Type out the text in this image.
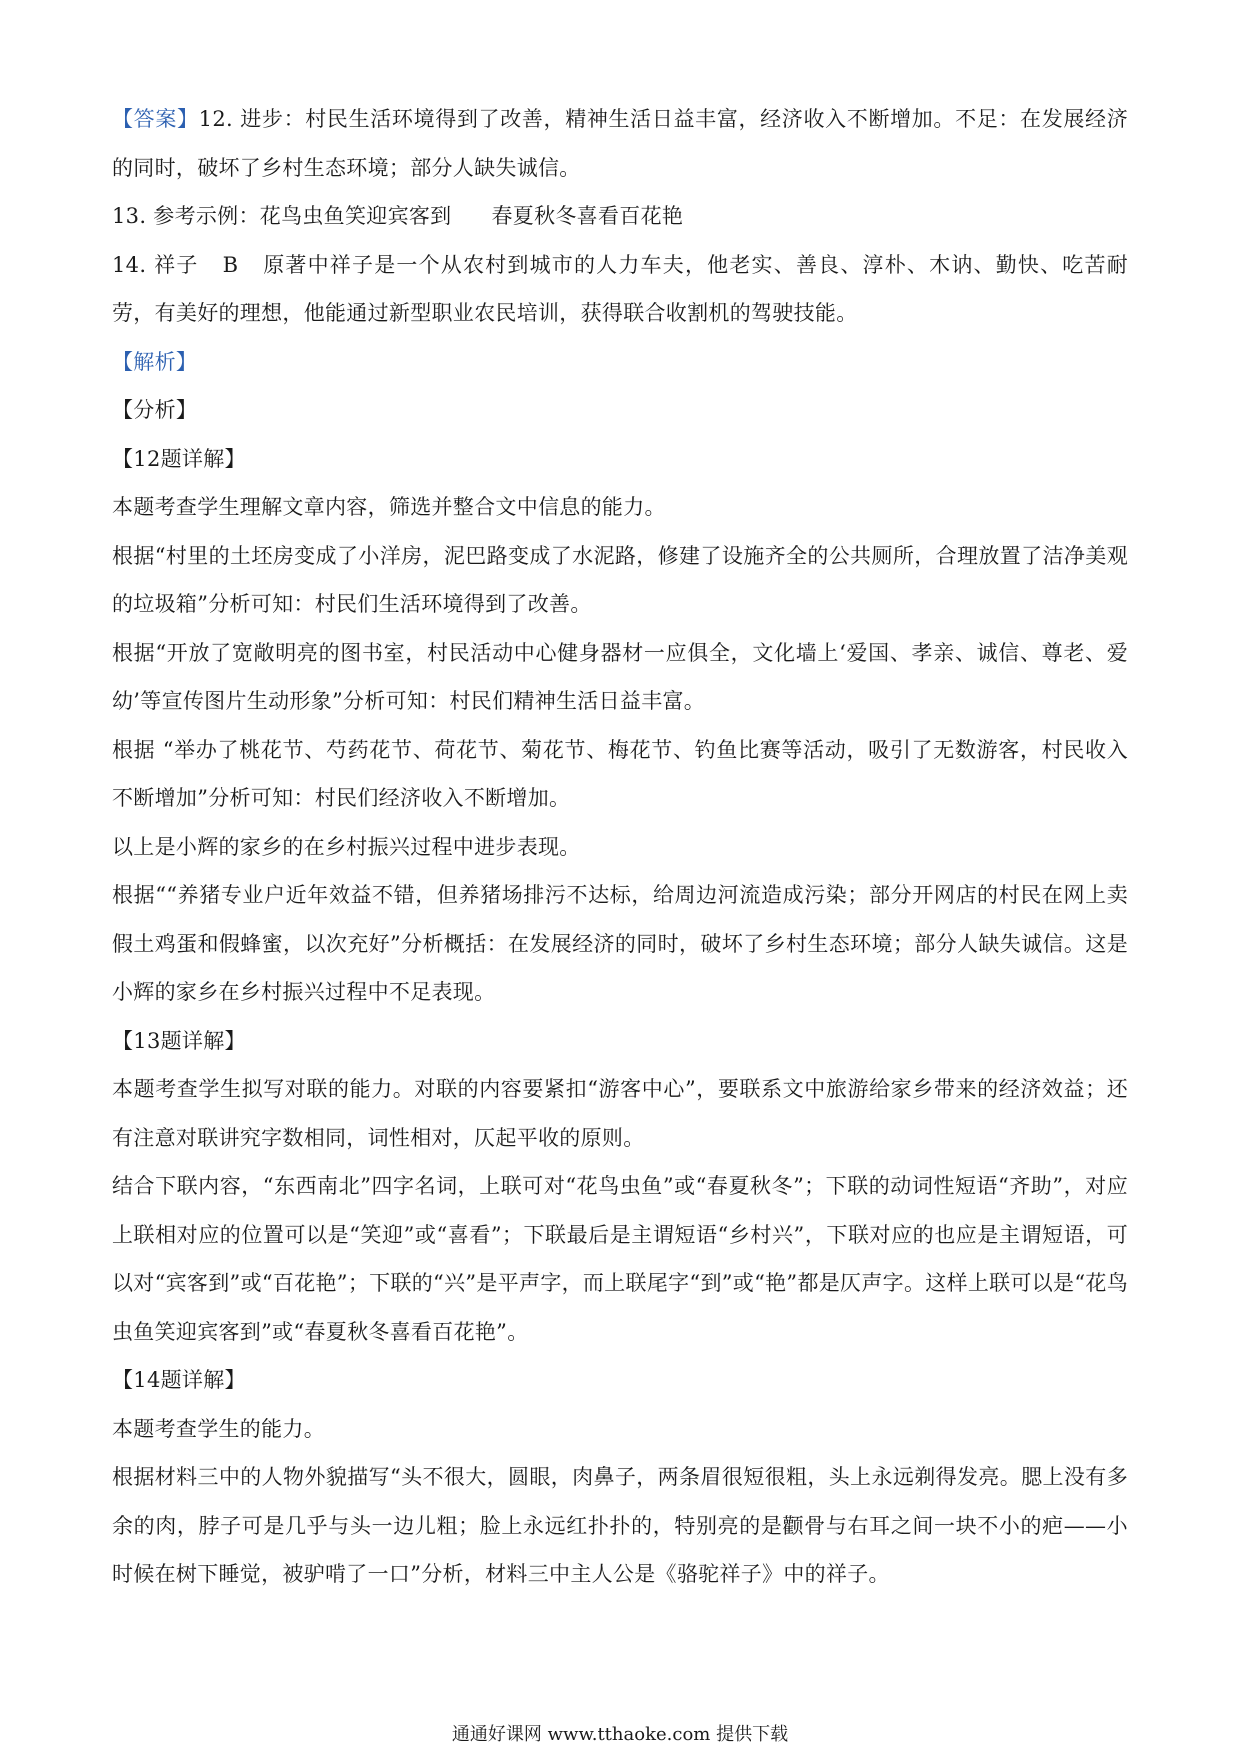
【答案】12. 进步：村民生活环境得到了改善，精神生活日益丰富，经济收入不断增加。不足：在发展经济的同时，破坏了乡村生态环境；部分人缺失诚信。

13. 参考示例：花鸟虫鱼笑迎宾客到 春夏秋冬喜看百花艳

14. 祥子 B 原著中祥子是一个从农村到城市的人力车夫，他老实、善良、淳朴、木讷、勤快、吃苦耐劳，有美好的理想，他能通过新型职业农民培训，获得联合收割机的驾驶技能。

【解析】

【分析】

【12题详解】

本题考查学生理解文章内容，筛选并整合文中信息的能力。

根据“村里的土坯房变成了小洋房，泥巴路变成了水泥路，修建了设施齐全的公共厕所，合理放置了洁净美观的垃圾箱”分析可知：村民们生活环境得到了改善。

根据“开放了宽敞明亮的图书室，村民活动中心健身器材一应俱全，文化墙上‘爱国、孝亲、诚信、尊老、爱幼’等宣传图片生动形象”分析可知：村民们精神生活日益丰富。

根据 “举办了桃花节、芍药花节、荷花节、菊花节、梅花节、钓鱼比赛等活动，吸引了无数游客，村民收入不断增加”分析可知：村民们经济收入不断增加。

以上是小辉的家乡的在乡村振兴过程中进步表现。

根据““养猪专业户近年效益不错，但养猪场排污不达标，给周边河流造成污染；部分开网店的村民在网上卖假土鸡蛋和假蜂蜜，以次充好”分析概括：在发展经济的同时，破坏了乡村生态环境；部分人缺失诚信。这是小辉的家乡在乡村振兴过程中不足表现。

【13题详解】

本题考查学生拟写对联的能力。对联的内容要紧扣“游客中心”，要联系文中旅游给家乡带来的经济效益；还有注意对联讲究字数相同，词性相对，仄起平收的原则。

结合下联内容，“东西南北”四字名词，上联可对“花鸟虫鱼”或“春夏秋冬”；下联的动词性短语“齐助”，对应上联相对应的位置可以是“笑迎”或“喜看”；下联最后是主谓短语“乡村兴”，下联对应的也应是主谓短语，可以对“宾客到”或“百花艳”；下联的“兴”是平声字，而上联尾字“到”或“艳”都是仄声字。这样上联可以是“花鸟虫鱼笑迎宾客到”或“春夏秋冬喜看百花艳”。

【14题详解】

本题考查学生的能力。

根据材料三中的人物外貌描写“头不很大，圆眼，肉鼻子，两条眉很短很粗，头上永远剃得发亮。腮上没有多余的肉，脖子可是几乎与头一边儿粗；脸上永远红扑扑的，特别亮的是颧骨与右耳之间一块不小的疤——小时候在树下睡觉，被驴啃了一口”分析，材料三中主人公是《骆驼祥子》中的祥子。

通通好课网 www.tthaoke.com 提供下载
